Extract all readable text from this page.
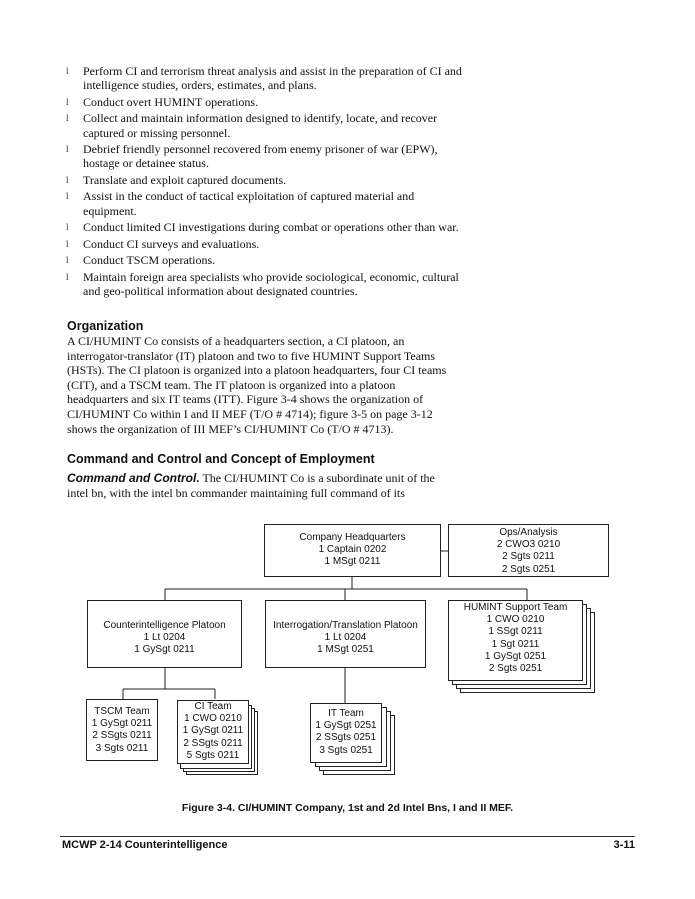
l Perform CI and terrorism threat analysis and assist in the preparation of CI and intelligence studies, orders, estimates, and plans.
l Conduct overt HUMINT operations.
l Collect and maintain information designed to identify, locate, and recover captured or missing personnel.
l Debrief friendly personnel recovered from enemy prisoner of war (EPW), hostage or detainee status.
l Translate and exploit captured documents.
l Assist in the conduct of tactical exploitation of captured material and equipment.
l Conduct limited CI investigations during combat or operations other than war.
l Conduct CI surveys and evaluations.
l Conduct TSCM operations.
l Maintain foreign area specialists who provide sociological, economic, cultural and geo-political information about designated countries.
Organization
A CI/HUMINT Co consists of a headquarters section, a CI platoon, an interrogator-translator (IT) platoon and two to five HUMINT Support Teams (HSTs). The CI platoon is organized into a platoon headquarters, four CI teams (CIT), and a TSCM team. The IT platoon is organized into a platoon headquarters and six IT teams (ITT). Figure 3-4 shows the organization of CI/HUMINT Co within I and II MEF (T/O # 4714); figure 3-5 on page 3-12 shows the organization of III MEF’s CI/HUMINT Co (T/O # 4713).
Command and Control and Concept of Employment
Command and Control. The CI/HUMINT Co is a subordinate unit of the intel bn, with the intel bn commander maintaining full command of its
Company Headquarters
1 Captain 0202
1 MSgt 0211
Ops/Analysis
2 CWO3 0210
2 Sgts 0211
2 Sgts 0251
Counterintelligence Platoon
1 Lt 0204
1 GySgt 0211
Interrogation/Translation Platoon
1 Lt 0204
1 MSgt 0251
HUMINT Support Team
1 CWO 0210
1 SSgt 0211
1 Sgt 0211
1 GySgt 0251
2 Sgts 0251
TSCM Team
1 GySgt 0211
2 SSgts 0211
3 Sgts 0211
CI Team
1 CWO 0210
1 GySgt 0211
2 SSgts 0211
5 Sgts 0211
IT Team
1 GySgt 0251
2 SSgts 0251
3 Sgts 0251
Figure 3-4. CI/HUMINT Company, 1st and 2d Intel Bns, I and II MEF.
MCWP 2-14 Counterintelligence	3-11
